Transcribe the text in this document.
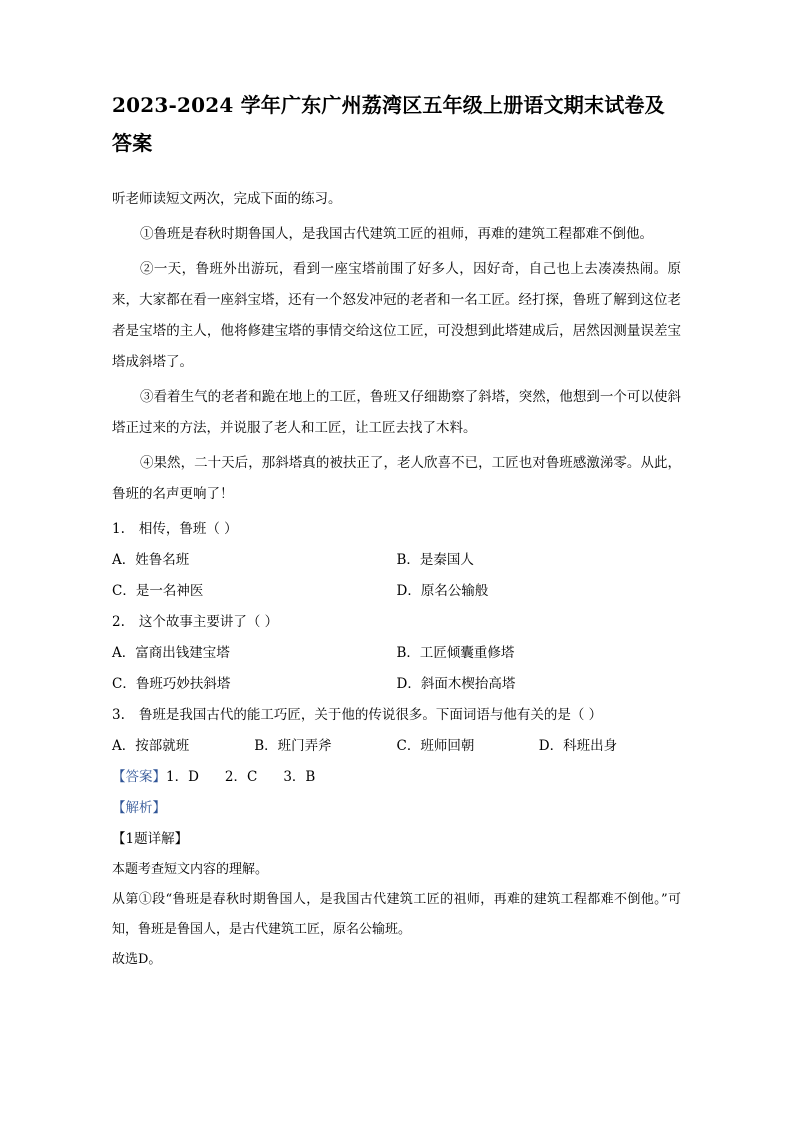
2023-2024 学年广东广州荔湾区五年级上册语文期末试卷及答案

听老师读短文两次，完成下面的练习。

①鲁班是春秋时期鲁国人，是我国古代建筑工匠的祖师，再难的建筑工程都难不倒他。

②一天，鲁班外出游玩，看到一座宝塔前围了好多人，因好奇，自己也上去凑凑热闹。原来，大家都在看一座斜宝塔，还有一个怒发冲冠的老者和一名工匠。经打探，鲁班了解到这位老者是宝塔的主人，他将修建宝塔的事情交给这位工匠，可没想到此塔建成后，居然因测量误差宝塔成斜塔了。

③看着生气的老者和跪在地上的工匠，鲁班又仔细勘察了斜塔，突然，他想到一个可以使斜塔正过来的方法，并说服了老人和工匠，让工匠去找了木料。

④果然，二十天后，那斜塔真的被扶正了，老人欣喜不已，工匠也对鲁班感激涕零。从此，鲁班的名声更响了！

1. 相传，鲁班（ ）

A．姓鲁名班	B．是秦国人
C．是一名神医	D．原名公输般

2. 这个故事主要讲了（ ）

A．富商出钱建宝塔	B．工匠倾囊重修塔
C．鲁班巧妙扶斜塔	D．斜面木楔抬高塔

3. 鲁班是我国古代的能工巧匠，关于他的传说很多。下面词语与他有关的是（ ）

A．按部就班	B．班门弄斧	C．班师回朝	D．科班出身

【答案】1．D 2．C 3．B

【解析】

【1题详解】

本题考查短文内容的理解。

从第①段“鲁班是春秋时期鲁国人，是我国古代建筑工匠的祖师，再难的建筑工程都难不倒他。”可知，鲁班是鲁国人，是古代建筑工匠，原名公输班。

故选D。
